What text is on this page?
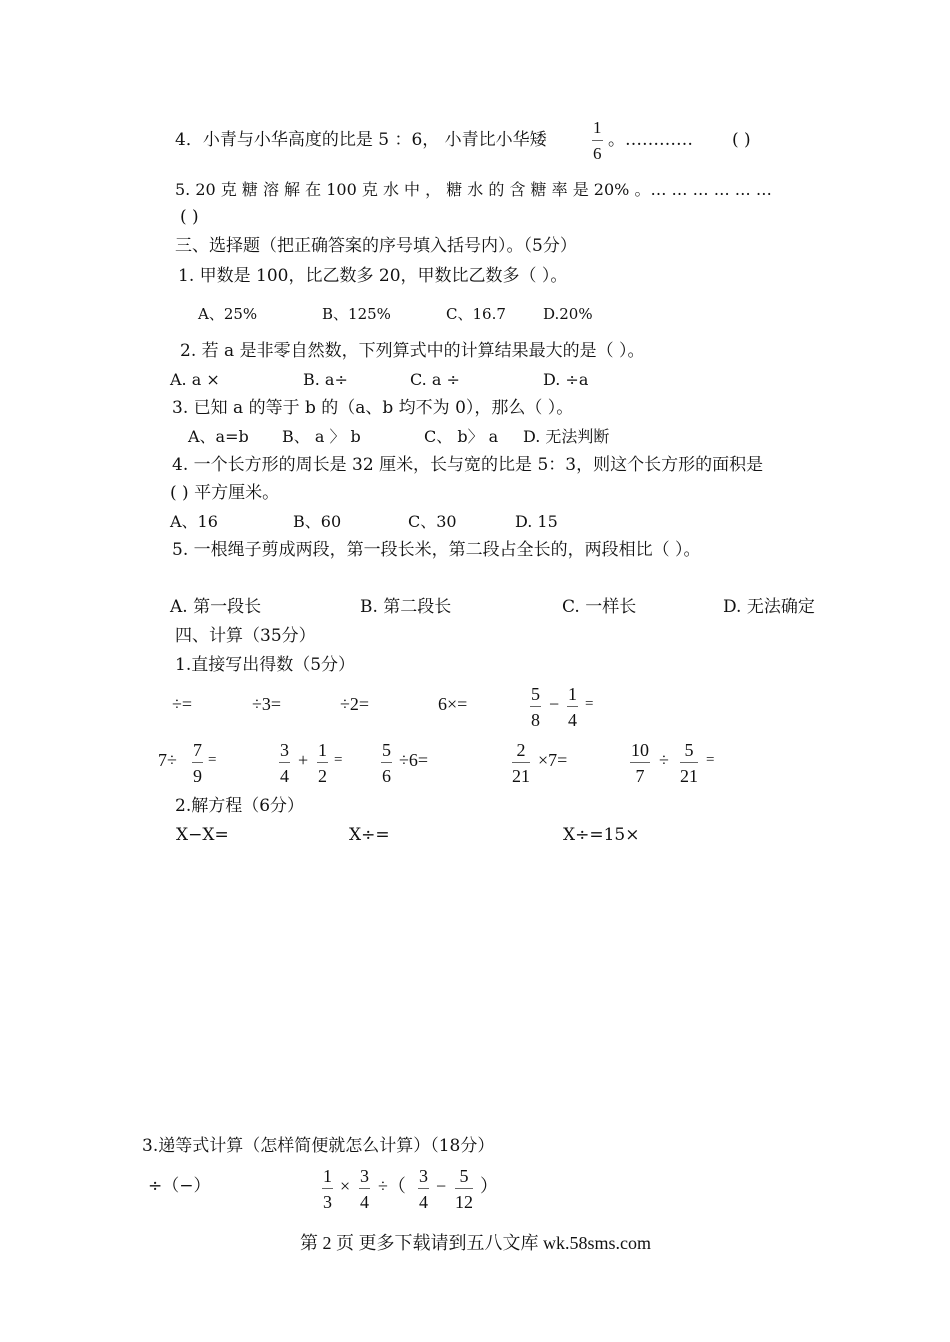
4．小青与小华高度的比是 5 ：6， 小青比小华矮	$\frac{1}{6}$ 。………… ( )
5. 20 克 糖 溶 解 在 100 克 水 中 ， 糖 水 的 含 糖 率 是 20% 。… … … … … …
( )
三、选择题（把正确答案的序号填入括号内）。（5分）
1. 甲数是 100，比乙数多 20，甲数比乙数多（ ）。
A、25%	B、125%	C、16.7 D.20%
2. 若 a 是非零自然数，下列算式中的计算结果最大的是（ ）。
A. a ×	B. a÷	C. a ÷	D. ÷a
3. 已知 a 的等于 b 的（a、b 均不为 0），那么（ ）。
A、a=b B、 a 〉 b	C、 b〉 a D. 无法判断
4. 一个长方形的周长是 32 厘米，长与宽的比是 5：3，则这个长方形的面积是
( ) 平方厘米。
A、16	B、60	C、30	D. 15
5. 一根绳子剪成两段，第一段长米，第二段占全长的，两段相比（ ）。
A. 第一段长	B. 第二段长	C. 一样长	D. 无法确定
四、计算（35分）
1.直接写出得数（5分）
÷=	÷3=	÷2=	6×=	$\frac{5}{8} - \frac{1}{4}$ =
$7\div \frac{7}{9}$ =	$\frac{3}{4} + \frac{1}{2} = \frac{5}{6} \div 6=$	$\frac{2}{21} \times 7=$	$\frac{10}{7} \div \frac{5}{21}$ =
2.解方程（6分）
X−X=	X÷=	X÷=15×
3.递等式计算（怎样简便就怎么计算）（18分）
÷（−）	$\frac{1}{3} \times \frac{3}{4}$ ÷（ $\frac{3}{4} - \frac{5}{12}$ ）
第 2 页 更多下载请到五八文库 wk.58sms.com
